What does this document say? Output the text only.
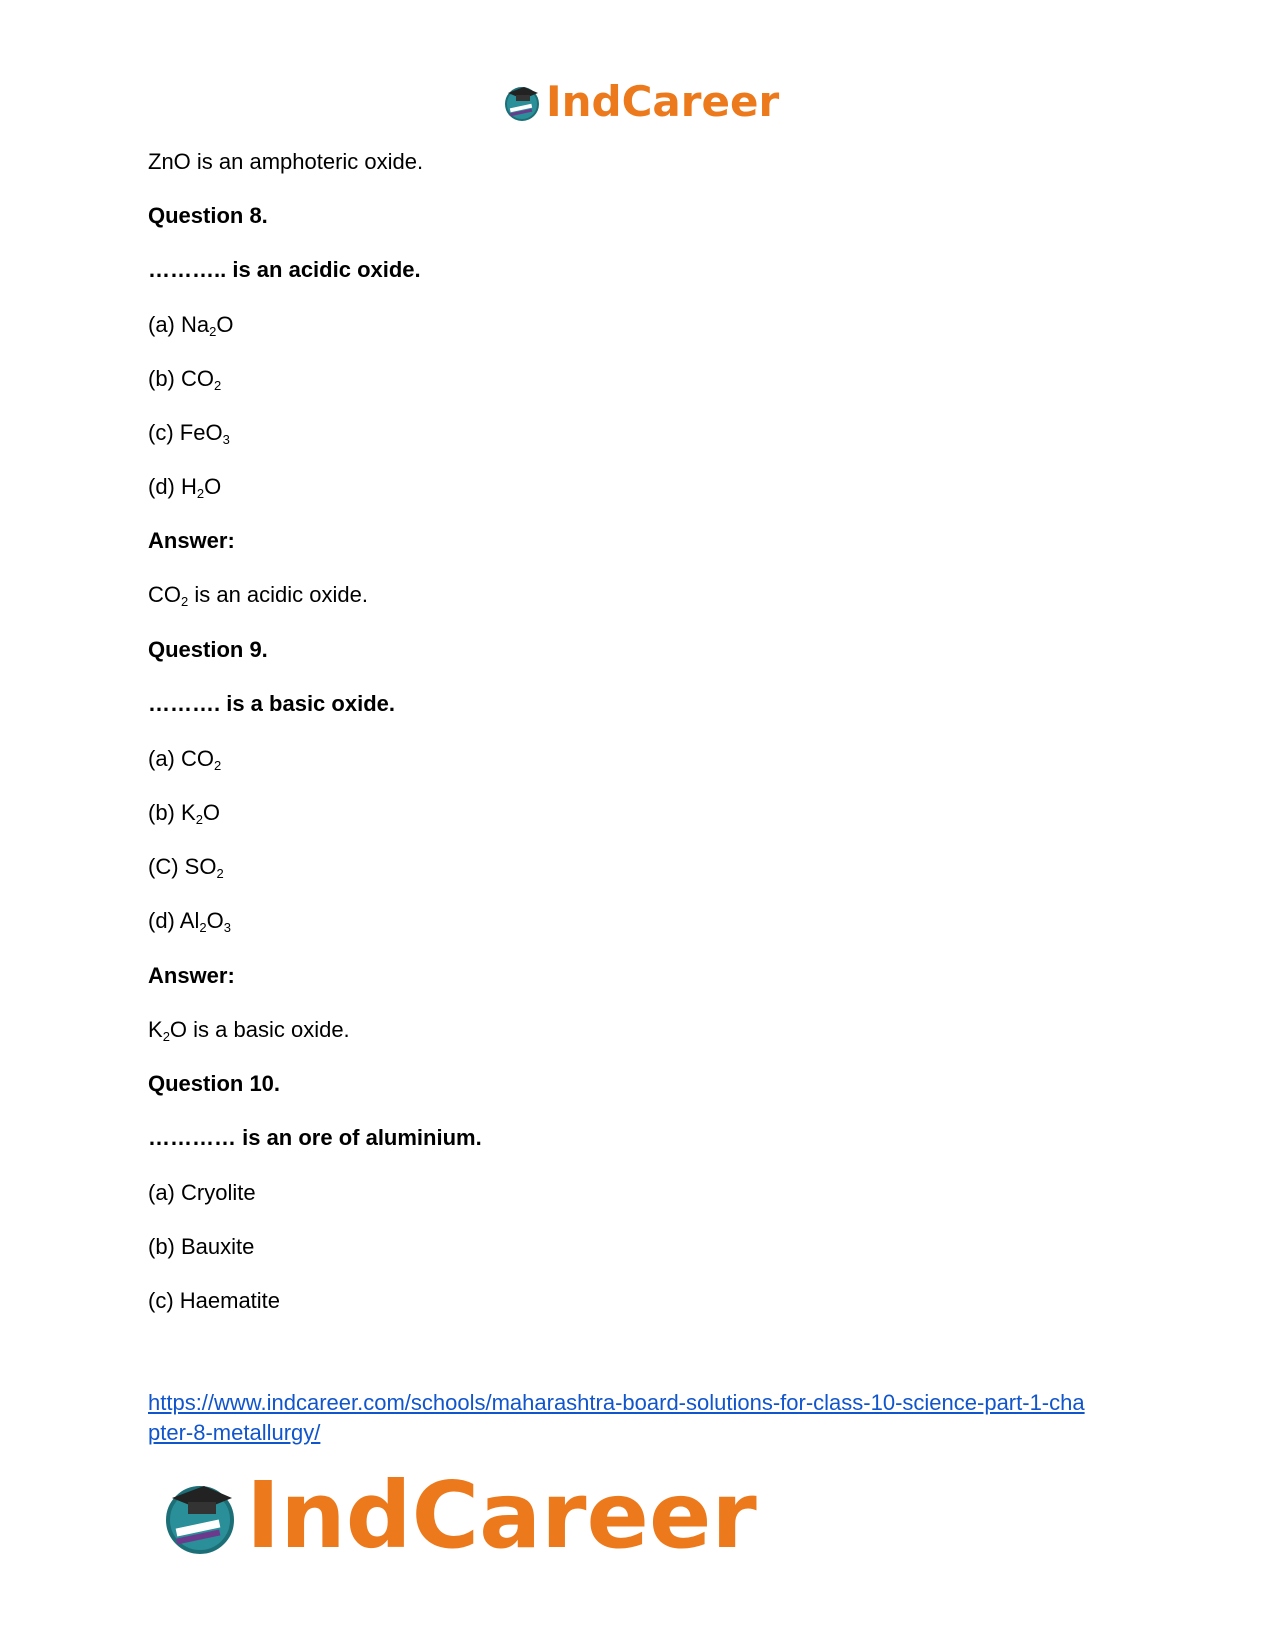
IndCareer
ZnO is an amphoteric oxide.
Question 8.
……….. is an acidic oxide.
(a) $Na_2O$
(b) $CO_2$
(c) FeO$_3$
(d) $H_2O$
Answer:
$CO_2$ is an acidic oxide.
Question 9.
………. is a basic oxide.
(a) $CO_2$
(b) $K_2O$
(C) $SO_2$
(d) $Al_2O_3$
Answer:
$K_2O$ is a basic oxide.
Question 10.
………… is an ore of aluminium.
(a) Cryolite
(b) Bauxite
(c) Haematite
https://www.indcareer.com/schools/maharashtra-board-solutions-for-class-10-science-part-1-cha
pter-8-metallurgy/
IndCareer
